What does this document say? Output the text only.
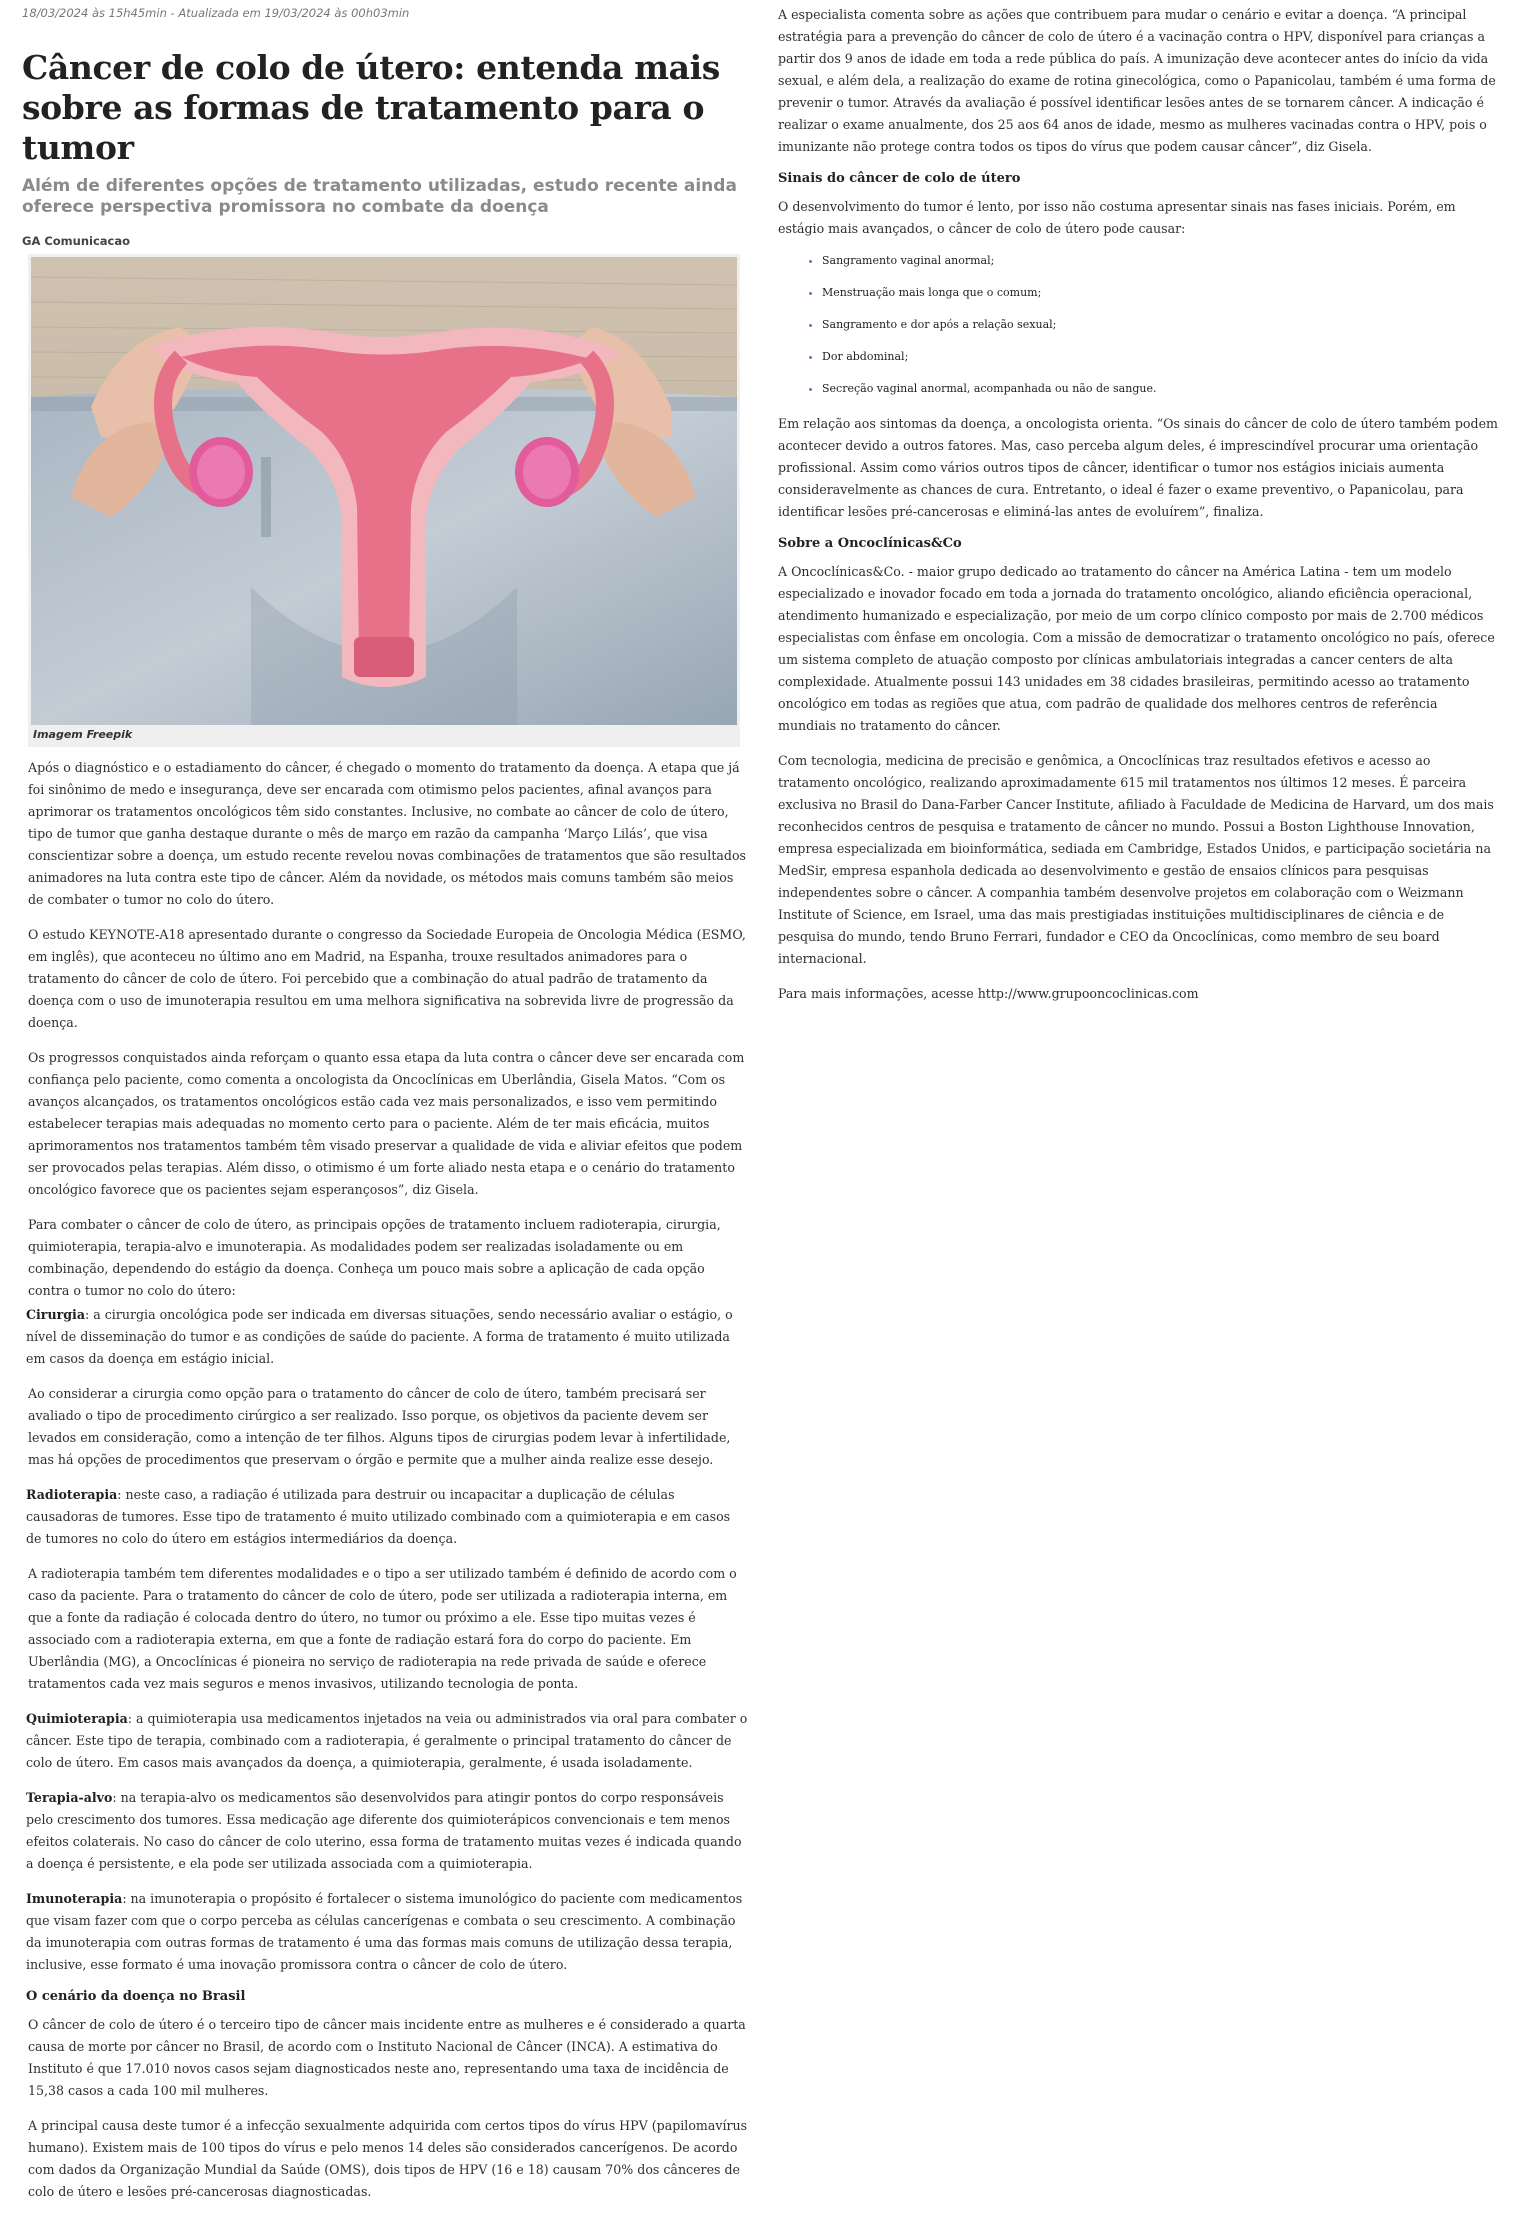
18/03/2024 às 15h45min - Atualizada em 19/03/2024 às 00h03min
Câncer de colo de útero: entenda mais sobre as formas de tratamento para o tumor
Além de diferentes opções de tratamento utilizadas, estudo recente ainda oferece perspectiva promissora no combate da doença
GA Comunicacao
Imagem Freepik

Após o diagnóstico e o estadiamento do câncer, é chegado o momento do tratamento da doença. A etapa que já foi sinônimo de medo e insegurança, deve ser encarada com otimismo pelos pacientes, afinal avanços para aprimorar os tratamentos oncológicos têm sido constantes. Inclusive, no combate ao câncer de colo de útero, tipo de tumor que ganha destaque durante o mês de março em razão da campanha ‘Março Lilás’, que visa conscientizar sobre a doença, um estudo recente revelou novas combinações de tratamentos que são resultados animadores na luta contra este tipo de câncer. Além da novidade, os métodos mais comuns também são meios de combater o tumor no colo do útero.

O estudo KEYNOTE-A18 apresentado durante o congresso da Sociedade Europeia de Oncologia Médica (ESMO, em inglês), que aconteceu no último ano em Madrid, na Espanha, trouxe resultados animadores para o tratamento do câncer de colo de útero. Foi percebido que a combinação do atual padrão de tratamento da doença com o uso de imunoterapia resultou em uma melhora significativa na sobrevida livre de progressão da doença.

Os progressos conquistados ainda reforçam o quanto essa etapa da luta contra o câncer deve ser encarada com confiança pelo paciente, como comenta a oncologista da Oncoclínicas em Uberlândia, Gisela Matos. “Com os avanços alcançados, os tratamentos oncológicos estão cada vez mais personalizados, e isso vem permitindo estabelecer terapias mais adequadas no momento certo para o paciente. Além de ter mais eficácia, muitos aprimoramentos nos tratamentos também têm visado preservar a qualidade de vida e aliviar efeitos que podem ser provocados pelas terapias. Além disso, o otimismo é um forte aliado nesta etapa e o cenário do tratamento oncológico favorece que os pacientes sejam esperançosos”, diz Gisela.

Para combater o câncer de colo de útero, as principais opções de tratamento incluem radioterapia, cirurgia, quimioterapia, terapia-alvo e imunoterapia. As modalidades podem ser realizadas isoladamente ou em combinação, dependendo do estágio da doença. Conheça um pouco mais sobre a aplicação de cada opção contra o tumor no colo do útero:

Cirurgia: a cirurgia oncológica pode ser indicada em diversas situações, sendo necessário avaliar o estágio, o nível de disseminação do tumor e as condições de saúde do paciente. A forma de tratamento é muito utilizada em casos da doença em estágio inicial.

Ao considerar a cirurgia como opção para o tratamento do câncer de colo de útero, também precisará ser avaliado o tipo de procedimento cirúrgico a ser realizado. Isso porque, os objetivos da paciente devem ser levados em consideração, como a intenção de ter filhos. Alguns tipos de cirurgias podem levar à infertilidade, mas há opções de procedimentos que preservam o órgão e permite que a mulher ainda realize esse desejo.

Radioterapia: neste caso, a radiação é utilizada para destruir ou incapacitar a duplicação de células causadoras de tumores. Esse tipo de tratamento é muito utilizado combinado com a quimioterapia e em casos de tumores no colo do útero em estágios intermediários da doença.

A radioterapia também tem diferentes modalidades e o tipo a ser utilizado também é definido de acordo com o caso da paciente. Para o tratamento do câncer de colo de útero, pode ser utilizada a radioterapia interna, em que a fonte da radiação é colocada dentro do útero, no tumor ou próximo a ele. Esse tipo muitas vezes é associado com a radioterapia externa, em que a fonte de radiação estará fora do corpo do paciente. Em Uberlândia (MG), a Oncoclínicas é pioneira no serviço de radioterapia na rede privada de saúde e oferece tratamentos cada vez mais seguros e menos invasivos, utilizando tecnologia de ponta.

Quimioterapia: a quimioterapia usa medicamentos injetados na veia ou administrados via oral para combater o câncer. Este tipo de terapia, combinado com a radioterapia, é geralmente o principal tratamento do câncer de colo de útero. Em casos mais avançados da doença, a quimioterapia, geralmente, é usada isoladamente.

Terapia-alvo: na terapia-alvo os medicamentos são desenvolvidos para atingir pontos do corpo responsáveis pelo crescimento dos tumores. Essa medicação age diferente dos quimioterápicos convencionais e tem menos efeitos colaterais. No caso do câncer de colo uterino, essa forma de tratamento muitas vezes é indicada quando a doença é persistente, e ela pode ser utilizada associada com a quimioterapia.

Imunoterapia: na imunoterapia o propósito é fortalecer o sistema imunológico do paciente com medicamentos que visam fazer com que o corpo perceba as células cancerígenas e combata o seu crescimento. A combinação da imunoterapia com outras formas de tratamento é uma das formas mais comuns de utilização dessa terapia, inclusive, esse formato é uma inovação promissora contra o câncer de colo de útero.

O cenário da doença no Brasil

O câncer de colo de útero é o terceiro tipo de câncer mais incidente entre as mulheres e é considerado a quarta causa de morte por câncer no Brasil, de acordo com o Instituto Nacional de Câncer (INCA). A estimativa do Instituto é que 17.010 novos casos sejam diagnosticados neste ano, representando uma taxa de incidência de 15,38 casos a cada 100 mil mulheres.

A principal causa deste tumor é a infecção sexualmente adquirida com certos tipos do vírus HPV (papilomavírus humano). Existem mais de 100 tipos do vírus e pelo menos 14 deles são considerados cancerígenos. De acordo com dados da Organização Mundial da Saúde (OMS), dois tipos de HPV (16 e 18) causam 70% dos cânceres de colo de útero e lesões pré-cancerosas diagnosticadas.

A especialista comenta sobre as ações que contribuem para mudar o cenário e evitar a doença. “A principal estratégia para a prevenção do câncer de colo de útero é a vacinação contra o HPV, disponível para crianças a partir dos 9 anos de idade em toda a rede pública do país. A imunização deve acontecer antes do início da vida sexual, e além dela, a realização do exame de rotina ginecológica, como o Papanicolau, também é uma forma de prevenir o tumor. Através da avaliação é possível identificar lesões antes de se tornarem câncer. A indicação é realizar o exame anualmente, dos 25 aos 64 anos de idade, mesmo as mulheres vacinadas contra o HPV, pois o imunizante não protege contra todos os tipos do vírus que podem causar câncer”, diz Gisela.

Sinais do câncer de colo de útero

O desenvolvimento do tumor é lento, por isso não costuma apresentar sinais nas fases iniciais. Porém, em estágio mais avançados, o câncer de colo de útero pode causar:

• Sangramento vaginal anormal;
• Menstruação mais longa que o comum;
• Sangramento e dor após a relação sexual;
• Dor abdominal;
• Secreção vaginal anormal, acompanhada ou não de sangue.

Em relação aos sintomas da doença, a oncologista orienta. “Os sinais do câncer de colo de útero também podem acontecer devido a outros fatores. Mas, caso perceba algum deles, é imprescindível procurar uma orientação profissional. Assim como vários outros tipos de câncer, identificar o tumor nos estágios iniciais aumenta consideravelmente as chances de cura. Entretanto, o ideal é fazer o exame preventivo, o Papanicolau, para identificar lesões pré-cancerosas e eliminá-las antes de evoluírem”, finaliza.

Sobre a Oncoclínicas&Co

A Oncoclínicas&Co. - maior grupo dedicado ao tratamento do câncer na América Latina - tem um modelo especializado e inovador focado em toda a jornada do tratamento oncológico, aliando eficiência operacional, atendimento humanizado e especialização, por meio de um corpo clínico composto por mais de 2.700 médicos especialistas com ênfase em oncologia. Com a missão de democratizar o tratamento oncológico no país, oferece um sistema completo de atuação composto por clínicas ambulatoriais integradas a cancer centers de alta complexidade. Atualmente possui 143 unidades em 38 cidades brasileiras, permitindo acesso ao tratamento oncológico em todas as regiões que atua, com padrão de qualidade dos melhores centros de referência mundiais no tratamento do câncer.

Com tecnologia, medicina de precisão e genômica, a Oncoclínicas traz resultados efetivos e acesso ao tratamento oncológico, realizando aproximadamente 615 mil tratamentos nos últimos 12 meses. É parceira exclusiva no Brasil do Dana-Farber Cancer Institute, afiliado à Faculdade de Medicina de Harvard, um dos mais reconhecidos centros de pesquisa e tratamento de câncer no mundo. Possui a Boston Lighthouse Innovation, empresa especializada em bioinformática, sediada em Cambridge, Estados Unidos, e participação societária na MedSir, empresa espanhola dedicada ao desenvolvimento e gestão de ensaios clínicos para pesquisas independentes sobre o câncer. A companhia também desenvolve projetos em colaboração com o Weizmann Institute of Science, em Israel, uma das mais prestigiadas instituições multidisciplinares de ciência e de pesquisa do mundo, tendo Bruno Ferrari, fundador e CEO da Oncoclínicas, como membro de seu board internacional.

Para mais informações, acesse http://www.grupooncoclinicas.com
